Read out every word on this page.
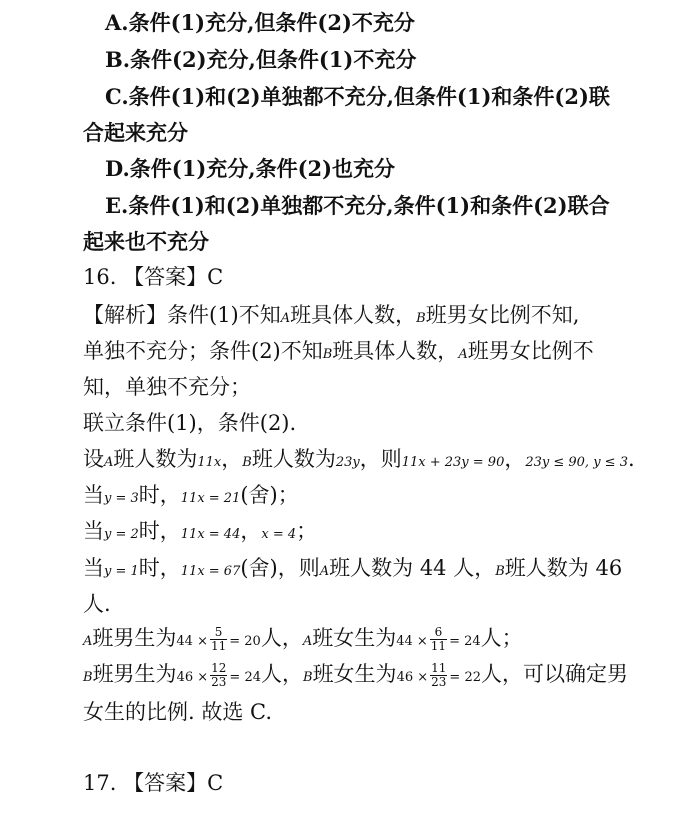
A.条件(1)充分,但条件(2)不充分
B.条件(2)充分,但条件(1)不充分
C.条件(1)和(2)单独都不充分,但条件(1)和条件(2)联
合起来充分
D.条件(1)充分,条件(2)也充分
E.条件(1)和(2)单独都不充分,条件(1)和条件(2)联合
起来也不充分
16. 【答案】C
【解析】条件(1)不知A班具体人数，B班男女比例不知,
单独不充分；条件(2)不知B班具体人数，A班男女比例不
知，单独不充分；
联立条件(1)，条件(2).
设A班人数为11x，B班人数为23y，则11x + 23y = 90，23y ≤ 90, y ≤ 3.
当y = 3时，11x = 21(舍)；
当y = 2时，11x = 44，x = 4；
当y = 1时，11x = 67(舍)，则A班人数为 44 人，B班人数为 46
人.
A班男生为$44 \times \frac{5}{11} = 20$人，A班女生为$44 \times \frac{6}{11} = 24$人；
B班男生为$46 \times \frac{12}{23} = 24$人，B班女生为$46 \times \frac{11}{23} = 22$人，可以确定男
女生的比例. 故选 C.
17. 【答案】C
